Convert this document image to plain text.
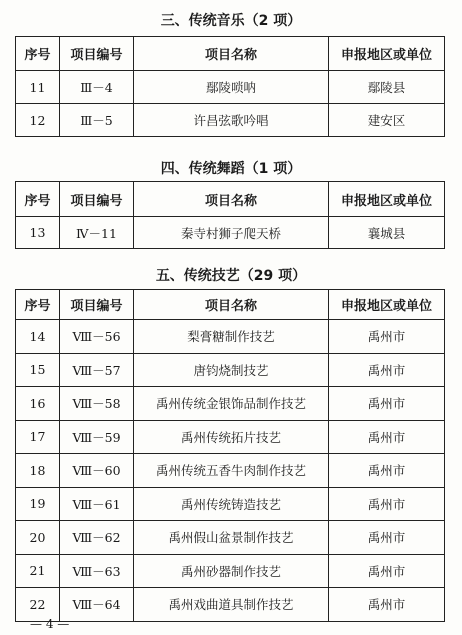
三、传统音乐（2 项）
序号	项目编号	项目名称	申报地区或单位
11	Ⅲ－4	鄢陵唢呐	鄢陵县
12	Ⅲ－5	许昌弦歌吟唱	建安区
四、传统舞蹈（1 项）
序号	项目编号	项目名称	申报地区或单位
13	Ⅳ－11	秦寺村狮子爬天桥	襄城县
五、传统技艺（29 项）
序号	项目编号	项目名称	申报地区或单位
14	Ⅷ－56	梨膏糖制作技艺	禹州市
15	Ⅷ－57	唐钧烧制技艺	禹州市
16	Ⅷ－58	禹州传统金银饰品制作技艺	禹州市
17	Ⅷ－59	禹州传统拓片技艺	禹州市
18	Ⅷ－60	禹州传统五香牛肉制作技艺	禹州市
19	Ⅷ－61	禹州传统铸造技艺	禹州市
20	Ⅷ－62	禹州假山盆景制作技艺	禹州市
21	Ⅷ－63	禹州砂器制作技艺	禹州市
22	Ⅷ－64	禹州戏曲道具制作技艺	禹州市
— 4 —
